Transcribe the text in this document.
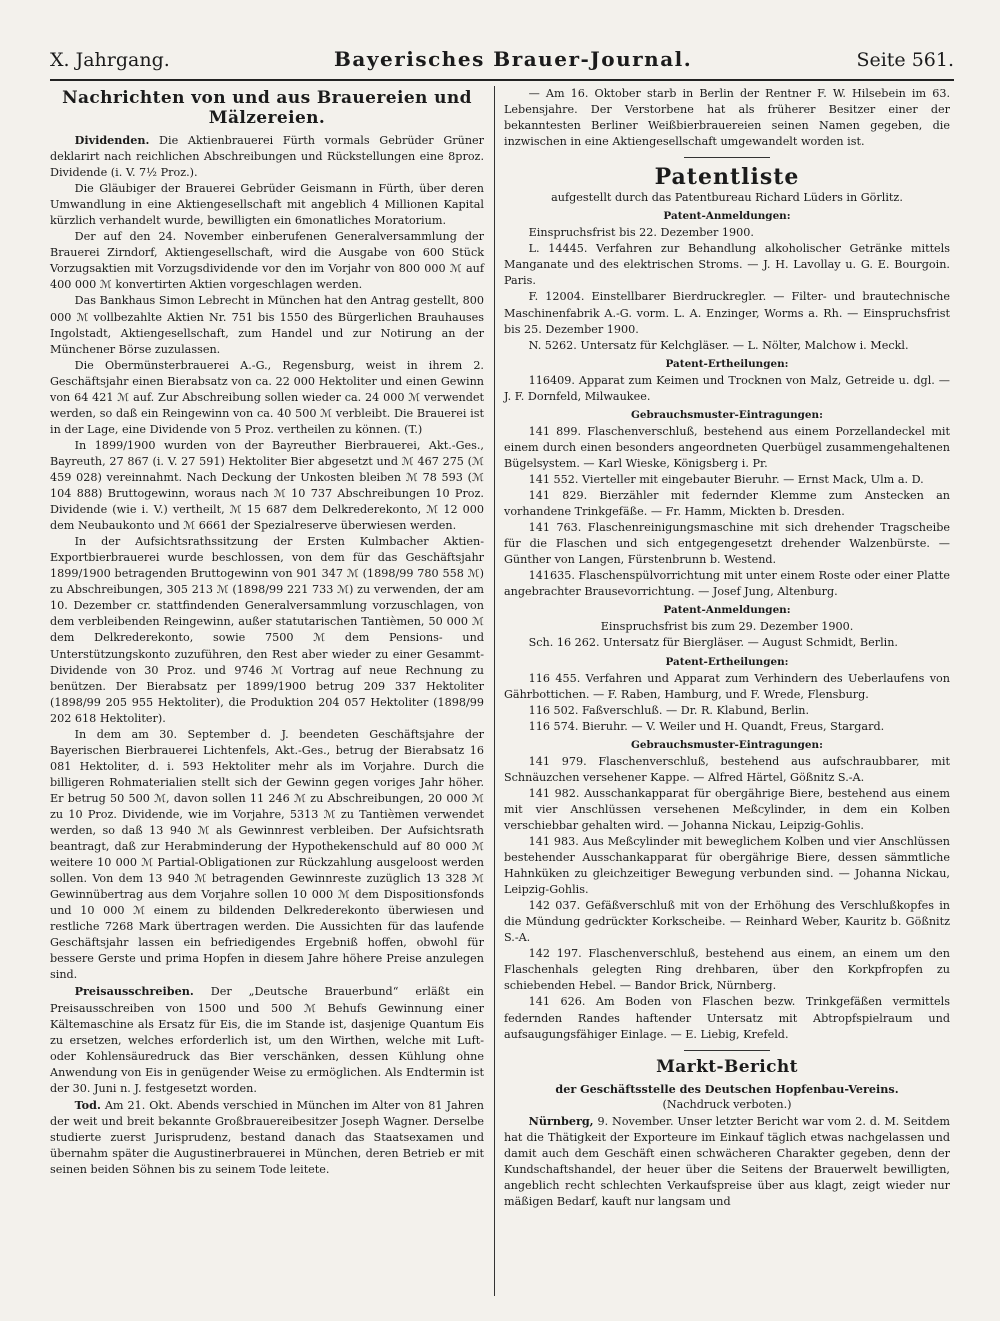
X. Jahrgang.	Bayerisches Brauer-Journal.	Seite 561.
Nachrichten von und aus Brauereien und Mälzereien.

Dividenden. Die Aktienbrauerei Fürth vormals Gebrüder Grüner deklarirt nach reichlichen Abschreibungen und Rückstellungen eine 8proz. Dividende (i. V. 7½ Proz.).

Die Gläubiger der Brauerei Gebrüder Geismann in Fürth, über deren Umwandlung in eine Aktiengesellschaft mit angeblich 4 Millionen Kapital kürzlich verhandelt wurde, bewilligten ein 6monatliches Moratorium.

Der auf den 24. November einberufenen Generalversammlung der Brauerei Zirndorf, Aktiengesellschaft, wird die Ausgabe von 600 Stück Vorzugsaktien mit Vorzugsdividende vor den im Vorjahr von 800 000 ℳ auf 400 000 ℳ konvertirten Aktien vorgeschlagen werden.

Das Bankhaus Simon Lebrecht in München hat den Antrag gestellt, 800 000 ℳ vollbezahlte Aktien Nr. 751 bis 1550 des Bürgerlichen Brauhauses Ingolstadt, Aktiengesellschaft, zum Handel und zur Notirung an der Münchener Börse zuzulassen.

Die Obermünsterbrauerei A.-G., Regensburg, weist in ihrem 2. Geschäftsjahr einen Bierabsatz von ca. 22 000 Hektoliter und einen Gewinn von 64 421 ℳ auf. Zur Abschreibung sollen wieder ca. 24 000 ℳ verwendet werden, so daß ein Reingewinn von ca. 40 500 ℳ verbleibt. Die Brauerei ist in der Lage, eine Dividende von 5 Proz. vertheilen zu können. (T.)

In 1899/1900 wurden von der Bayreuther Bierbrauerei, Akt.-Ges., Bayreuth, 27 867 (i. V. 27 591) Hektoliter Bier abgesetzt und ℳ 467 275 (ℳ 459 028) vereinnahmt. Nach Deckung der Unkosten bleiben ℳ 78 593 (ℳ 104 888) Bruttogewinn, woraus nach ℳ 10 737 Abschreibungen 10 Proz. Dividende (wie i. V.) vertheilt, ℳ 15 687 dem Delkrederekonto, ℳ 12 000 dem Neubaukonto und ℳ 6661 der Spezialreserve überwiesen werden.

In der Aufsichtsrathssitzung der Ersten Kulmbacher Aktien-Exportbierbrauerei wurde beschlossen, von dem für das Geschäftsjahr 1899/1900 betragenden Bruttogewinn von 901 347 ℳ (1898/99 780 558 ℳ) zu Abschreibungen, 305 213 ℳ (1898/99 221 733 ℳ) zu verwenden, der am 10. Dezember cr. stattfindenden Generalversammlung vorzuschlagen, von dem verbleibenden Reingewinn, außer statutarischen Tantièmen, 50 000 ℳ dem Delkrederekonto, sowie 7500 ℳ dem Pensions- und Unterstützungskonto zuzuführen, den Rest aber wieder zu einer Gesammt-Dividende von 30 Proz. und 9746 ℳ Vortrag auf neue Rechnung zu benützen. Der Bierabsatz per 1899/1900 betrug 209 337 Hektoliter (1898/99 205 955 Hektoliter), die Produktion 204 057 Hektoliter (1898/99 202 618 Hektoliter).

In dem am 30. September d. J. beendeten Geschäftsjahre der Bayerischen Bierbrauerei Lichtenfels, Akt.-Ges., betrug der Bierabsatz 16 081 Hektoliter, d. i. 593 Hektoliter mehr als im Vorjahre. Durch die billigeren Rohmaterialien stellt sich der Gewinn gegen voriges Jahr höher. Er betrug 50 500 ℳ, davon sollen 11 246 ℳ zu Abschreibungen, 20 000 ℳ zu 10 Proz. Dividende, wie im Vorjahre, 5313 ℳ zu Tantièmen verwendet werden, so daß 13 940 ℳ als Gewinnrest verbleiben. Der Aufsichtsrath beantragt, daß zur Herabminderung der Hypothekenschuld auf 80 000 ℳ weitere 10 000 ℳ Partial-Obligationen zur Rückzahlung ausgeloost werden sollen. Von dem 13 940 ℳ betragenden Gewinnreste zuzüglich 13 328 ℳ Gewinnübertrag aus dem Vorjahre sollen 10 000 ℳ dem Dispositionsfonds und 10 000 ℳ einem zu bildenden Delkrederekonto überwiesen und restliche 7268 Mark übertragen werden. Die Aussichten für das laufende Geschäftsjahr lassen ein befriedigendes Ergebniß hoffen, obwohl für bessere Gerste und prima Hopfen in diesem Jahre höhere Preise anzulegen sind.

Preisausschreiben. Der „Deutsche Brauerbund“ erläßt ein Preisausschreiben von 1500 und 500 ℳ Behufs Gewinnung einer Kältemaschine als Ersatz für Eis, die im Stande ist, dasjenige Quantum Eis zu ersetzen, welches erforderlich ist, um den Wirthen, welche mit Luft- oder Kohlensäuredruck das Bier verschänken, dessen Kühlung ohne Anwendung von Eis in genügender Weise zu ermöglichen. Als Endtermin ist der 30. Juni n. J. festgesetzt worden.

Tod. Am 21. Okt. Abends verschied in München im Alter von 81 Jahren der weit und breit bekannte Großbrauereibesitzer Joseph Wagner. Derselbe studierte zuerst Jurisprudenz, bestand danach das Staatsexamen und übernahm später die Augustinerbrauerei in München, deren Betrieb er mit seinen beiden Söhnen bis zu seinem Tode leitete.

— Am 16. Oktober starb in Berlin der Rentner F. W. Hilsebein im 63. Lebensjahre. Der Verstorbene hat als früherer Besitzer einer der bekanntesten Berliner Weißbierbrauereien seinen Namen gegeben, die inzwischen in eine Aktiengesellschaft umgewandelt worden ist.

Patentliste

aufgestellt durch das Patentbureau Richard Lüders in Görlitz.

Patent-Anmeldungen:

Einspruchsfrist bis 22. Dezember 1900.

L. 14445. Verfahren zur Behandlung alkoholischer Getränke mittels Manganate und des elektrischen Stroms. — J. H. Lavollay u. G. E. Bourgoin. Paris.

F. 12004. Einstellbarer Bierdruckregler. — Filter- und brautechnische Maschinenfabrik A.-G. vorm. L. A. Enzinger, Worms a. Rh. — Einspruchsfrist bis 25. Dezember 1900.

N. 5262. Untersatz für Kelchgläser. — L. Nölter, Malchow i. Meckl.

Patent-Ertheilungen:

116409. Apparat zum Keimen und Trocknen von Malz, Getreide u. dgl. — J. F. Dornfeld, Milwaukee.

Gebrauchsmuster-Eintragungen:

141 899. Flaschenverschluß, bestehend aus einem Porzellandeckel mit einem durch einen besonders angeordneten Querbügel zusammengehaltenen Bügelsystem. — Karl Wieske, Königsberg i. Pr.

141 552. Vierteller mit eingebauter Bieruhr. — Ernst Mack, Ulm a. D.

141 829. Bierzähler mit federnder Klemme zum Anstecken an vorhandene Trinkgefäße. — Fr. Hamm, Mickten b. Dresden.

141 763. Flaschenreinigungsmaschine mit sich drehender Tragscheibe für die Flaschen und sich entgegengesetzt drehender Walzenbürste. — Günther von Langen, Fürstenbrunn b. Westend.

141635. Flaschenspülvorrichtung mit unter einem Roste oder einer Platte angebrachter Brausevorrichtung. — Josef Jung, Altenburg.

Patent-Anmeldungen:

Einspruchsfrist bis zum 29. Dezember 1900.

Sch. 16 262. Untersatz für Biergläser. — August Schmidt, Berlin.

Patent-Ertheilungen:

116 455. Verfahren und Apparat zum Verhindern des Ueberlaufens von Gährbottichen. — F. Raben, Hamburg, und F. Wrede, Flensburg.

116 502. Faßverschluß. — Dr. R. Klabund, Berlin.

116 574. Bieruhr. — V. Weiler und H. Quandt, Freus, Stargard.

Gebrauchsmuster-Eintragungen:

141 979. Flaschenverschluß, bestehend aus aufschraubbarer, mit Schnäuzchen versehener Kappe. — Alfred Härtel, Gößnitz S.-A.

141 982. Ausschankapparat für obergährige Biere, bestehend aus einem mit vier Anschlüssen versehenen Meßcylinder, in dem ein Kolben verschiebbar gehalten wird. — Johanna Nickau, Leipzig-Gohlis.

141 983. Aus Meßcylinder mit beweglichem Kolben und vier Anschlüssen bestehender Ausschankapparat für obergährige Biere, dessen sämmtliche Hahnküken zu gleichzeitiger Bewegung verbunden sind. — Johanna Nickau, Leipzig-Gohlis.

142 037. Gefäßverschluß mit von der Erhöhung des Verschlußkopfes in die Mündung gedrückter Korkscheibe. — Reinhard Weber, Kauritz b. Gößnitz S.-A.

142 197. Flaschenverschluß, bestehend aus einem, an einem um den Flaschenhals gelegten Ring drehbaren, über den Korkpfropfen zu schiebenden Hebel. — Bandor Brick, Nürnberg.

141 626. Am Boden von Flaschen bezw. Trinkgefäßen vermittels federnden Randes haftender Untersatz mit Abtropfspielraum und aufsaugungsfähiger Einlage. — E. Liebig, Krefeld.

Markt-Bericht

der Geschäftsstelle des Deutschen Hopfenbau-Vereins.

(Nachdruck verboten.)

Nürnberg, 9. November. Unser letzter Bericht war vom 2. d. M. Seitdem hat die Thätigkeit der Exporteure im Einkauf täglich etwas nachgelassen und damit auch dem Geschäft einen schwächeren Charakter gegeben, denn der Kundschaftshandel, der heuer über die Seitens der Brauerwelt bewilligten, angeblich recht schlechten Verkaufspreise über aus klagt, zeigt wieder nur mäßigen Bedarf, kauft nur langsam und
